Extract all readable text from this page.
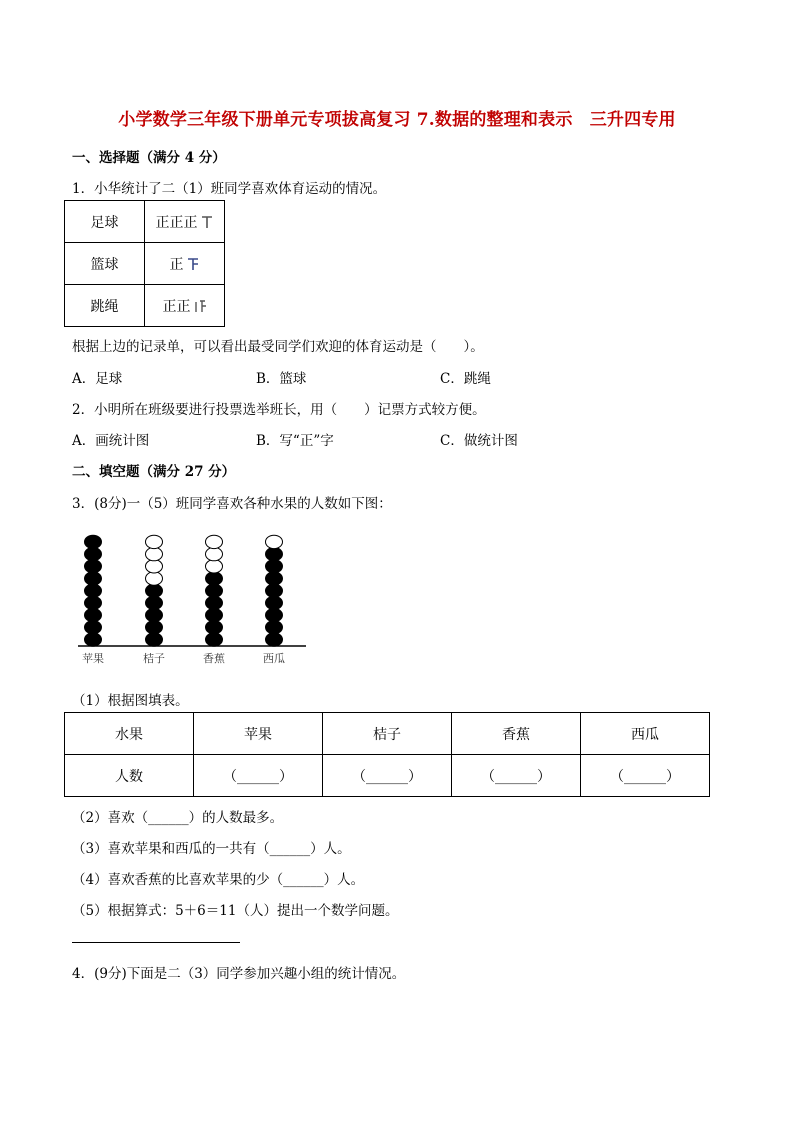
小学数学三年级下册单元专项拔高复习 7.数据的整理和表示　三升四专用
一、选择题（满分 4 分）
1．小华统计了二（1）班同学喜欢体育运动的情况。
足球	正正正

篮球	正

跳绳	正正
根据上边的记录单，可以看出最受同学们欢迎的体育运动是（　　）。
A．足球	B．篮球	C．跳绳
2．小明所在班级要进行投票选举班长，用（　　）记票方式较方便。
A．画统计图	B．写“正”字	C．做统计图
二、填空题（满分 27 分）
3．(8分)一（5）班同学喜欢各种水果的人数如下图：
苹果	桔子	香蕉	西瓜
（1）根据图填表。
水果	苹果	桔子	香蕉	西瓜
人数	（______）	（______）	（______）	（______）
（2）喜欢（______）的人数最多。
（3）喜欢苹果和西瓜的一共有（______）人。
（4）喜欢香蕉的比喜欢苹果的少（______）人。
（5）根据算式：5＋6＝11（人）提出一个数学问题。
4．(9分)下面是二（3）同学参加兴趣小组的统计情况。
